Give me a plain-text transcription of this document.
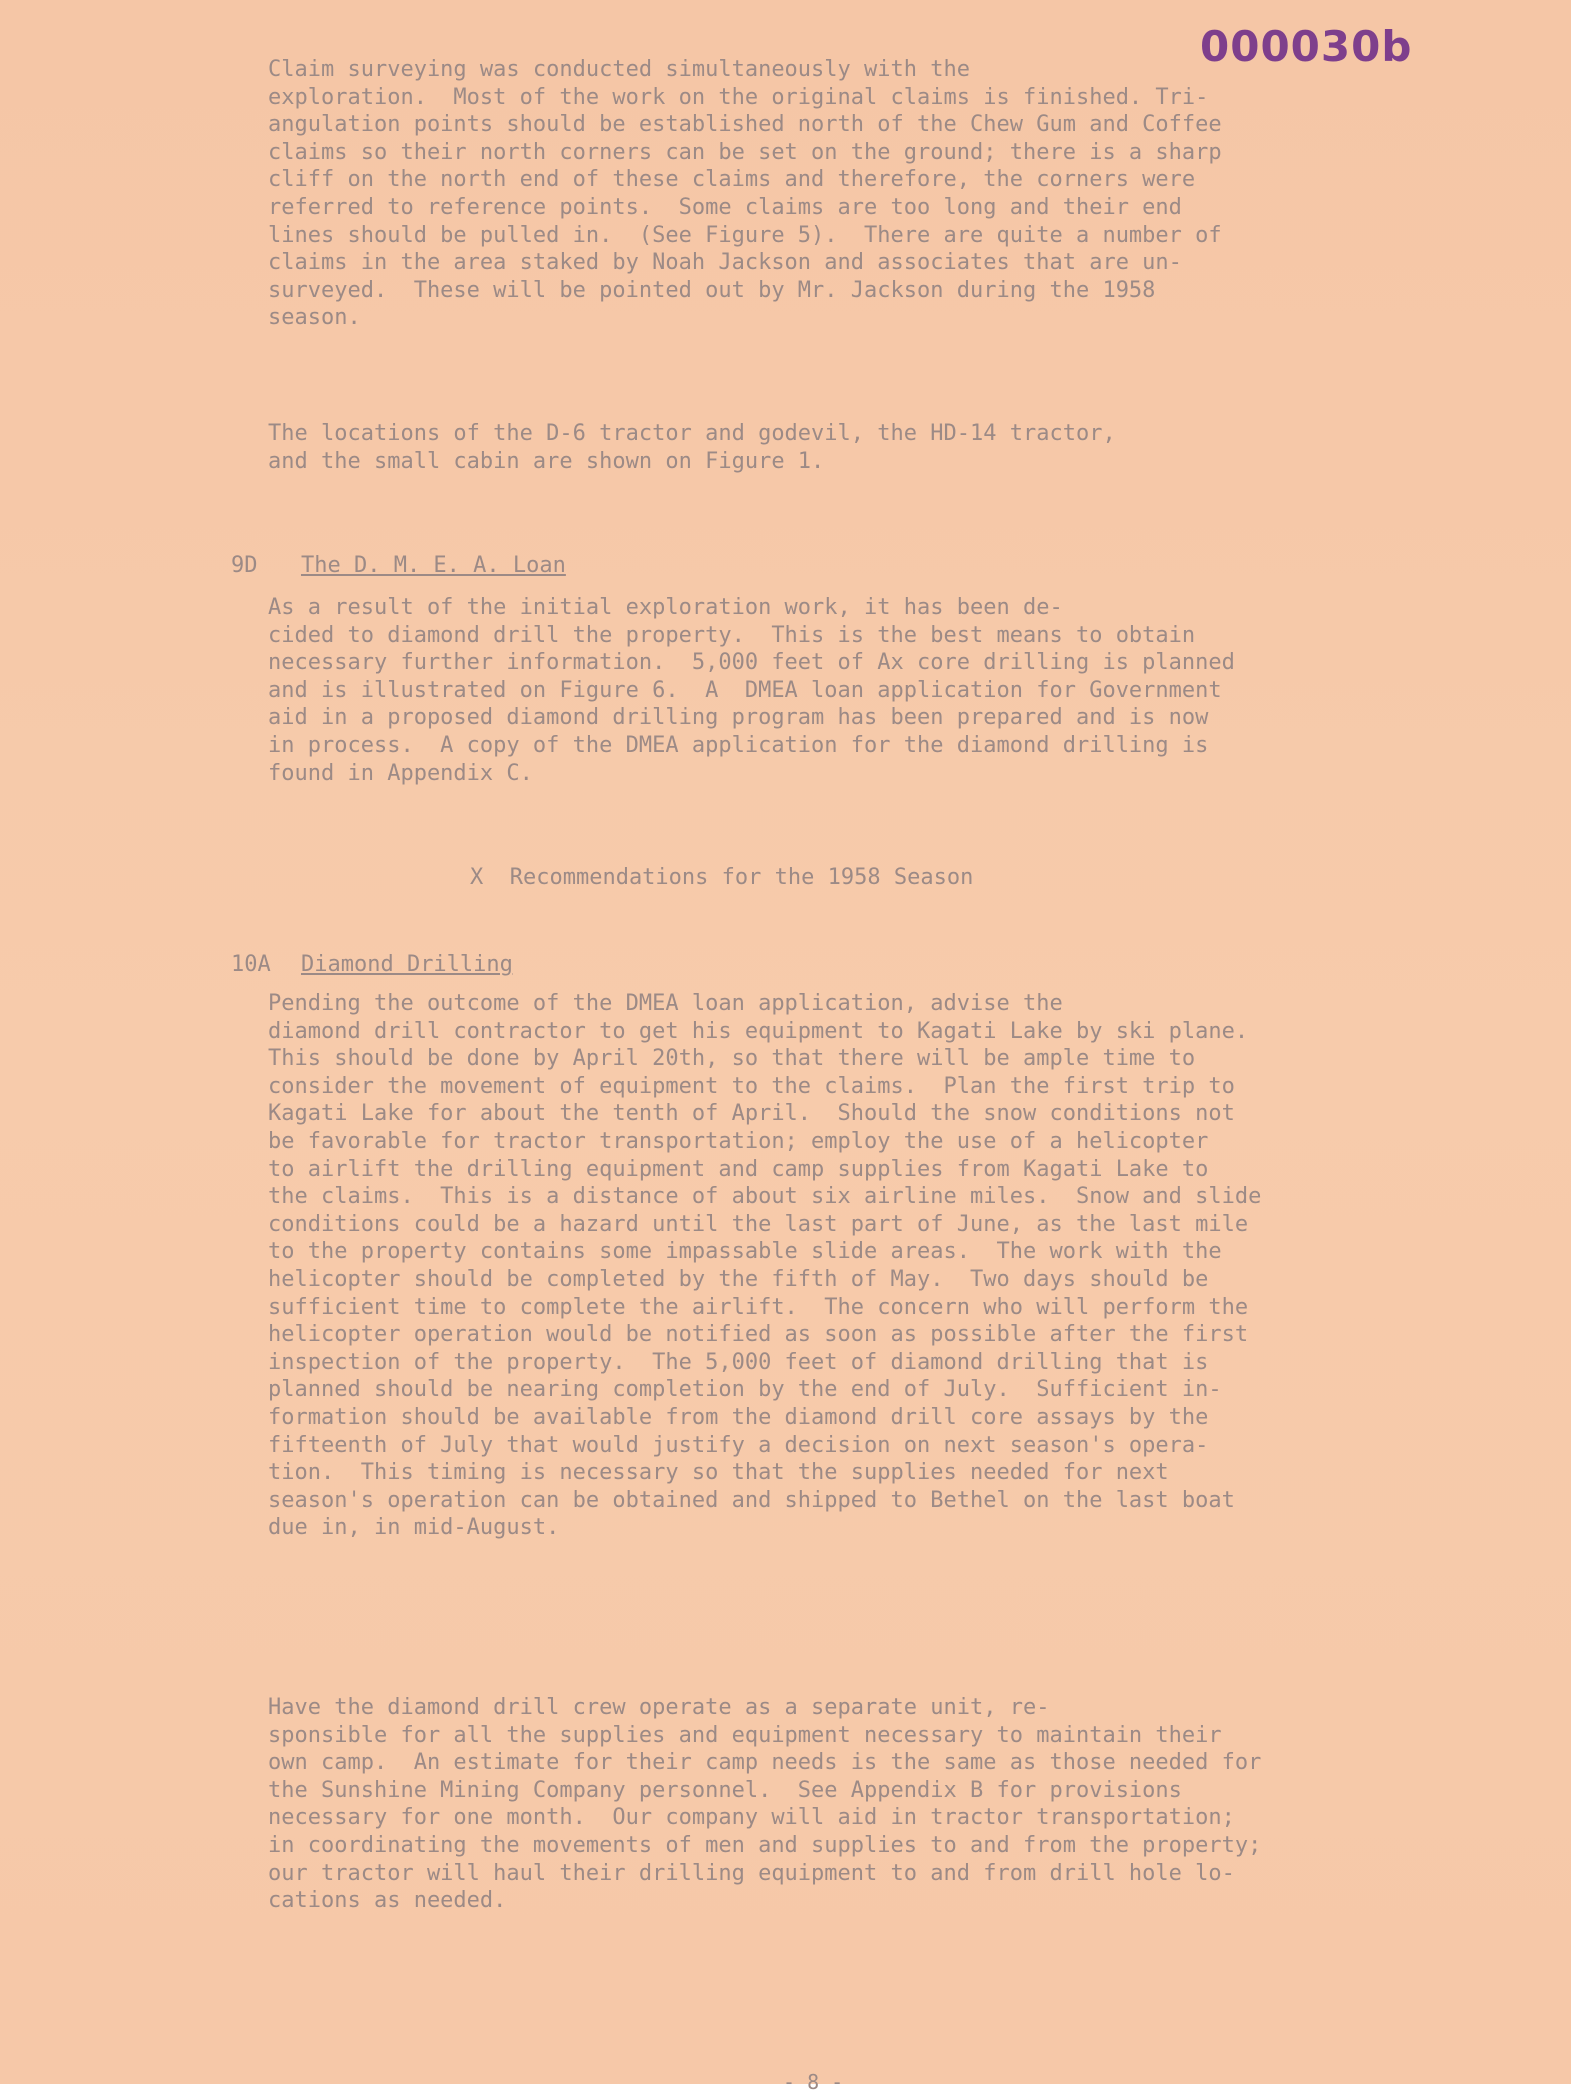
000030b
Claim surveying was conducted simultaneously with the
exploration.  Most of the work on the original claims is finished. Tri-
angulation points should be established north of the Chew Gum and Coffee
claims so their north corners can be set on the ground; there is a sharp
cliff on the north end of these claims and therefore, the corners were
referred to reference points.  Some claims are too long and their end
lines should be pulled in.  (See Figure 5).  There are quite a number of
claims in the area staked by Noah Jackson and associates that are un-
surveyed.  These will be pointed out by Mr. Jackson during the 1958
season.
The locations of the D-6 tractor and godevil, the HD-14 tractor,
and the small cabin are shown on Figure 1.

9D The D. M. E. A. Loan

As a result of the initial exploration work, it has been de-
cided to diamond drill the property.  This is the best means to obtain
necessary further information.  5,000 feet of Ax core drilling is planned
and is illustrated on Figure 6.  A  DMEA loan application for Government
aid in a proposed diamond drilling program has been prepared and is now
in process.  A copy of the DMEA application for the diamond drilling is
found in Appendix C.
X  Recommendations for the 1958 Season

10A Diamond Drilling

Pending the outcome of the DMEA loan application, advise the
diamond drill contractor to get his equipment to Kagati Lake by ski plane.
This should be done by April 20th, so that there will be ample time to
consider the movement of equipment to the claims.  Plan the first trip to
Kagati Lake for about the tenth of April.  Should the snow conditions not
be favorable for tractor transportation; employ the use of a helicopter
to airlift the drilling equipment and camp supplies from Kagati Lake to
the claims.  This is a distance of about six airline miles.  Snow and slide
conditions could be a hazard until the last part of June, as the last mile
to the property contains some impassable slide areas.  The work with the
helicopter should be completed by the fifth of May.  Two days should be
sufficient time to complete the airlift.  The concern who will perform the
helicopter operation would be notified as soon as possible after the first
inspection of the property.  The 5,000 feet of diamond drilling that is
planned should be nearing completion by the end of July.  Sufficient in-
formation should be available from the diamond drill core assays by the
fifteenth of July that would justify a decision on next season's opera-
tion.  This timing is necessary so that the supplies needed for next
season's operation can be obtained and shipped to Bethel on the last boat
due in, in mid-August.
Have the diamond drill crew operate as a separate unit, re-
sponsible for all the supplies and equipment necessary to maintain their
own camp.  An estimate for their camp needs is the same as those needed for
the Sunshine Mining Company personnel.  See Appendix B for provisions
necessary for one month.  Our company will aid in tractor transportation;
in coordinating the movements of men and supplies to and from the property;
our tractor will haul their drilling equipment to and from drill hole lo-
cations as needed.
- 8 -
